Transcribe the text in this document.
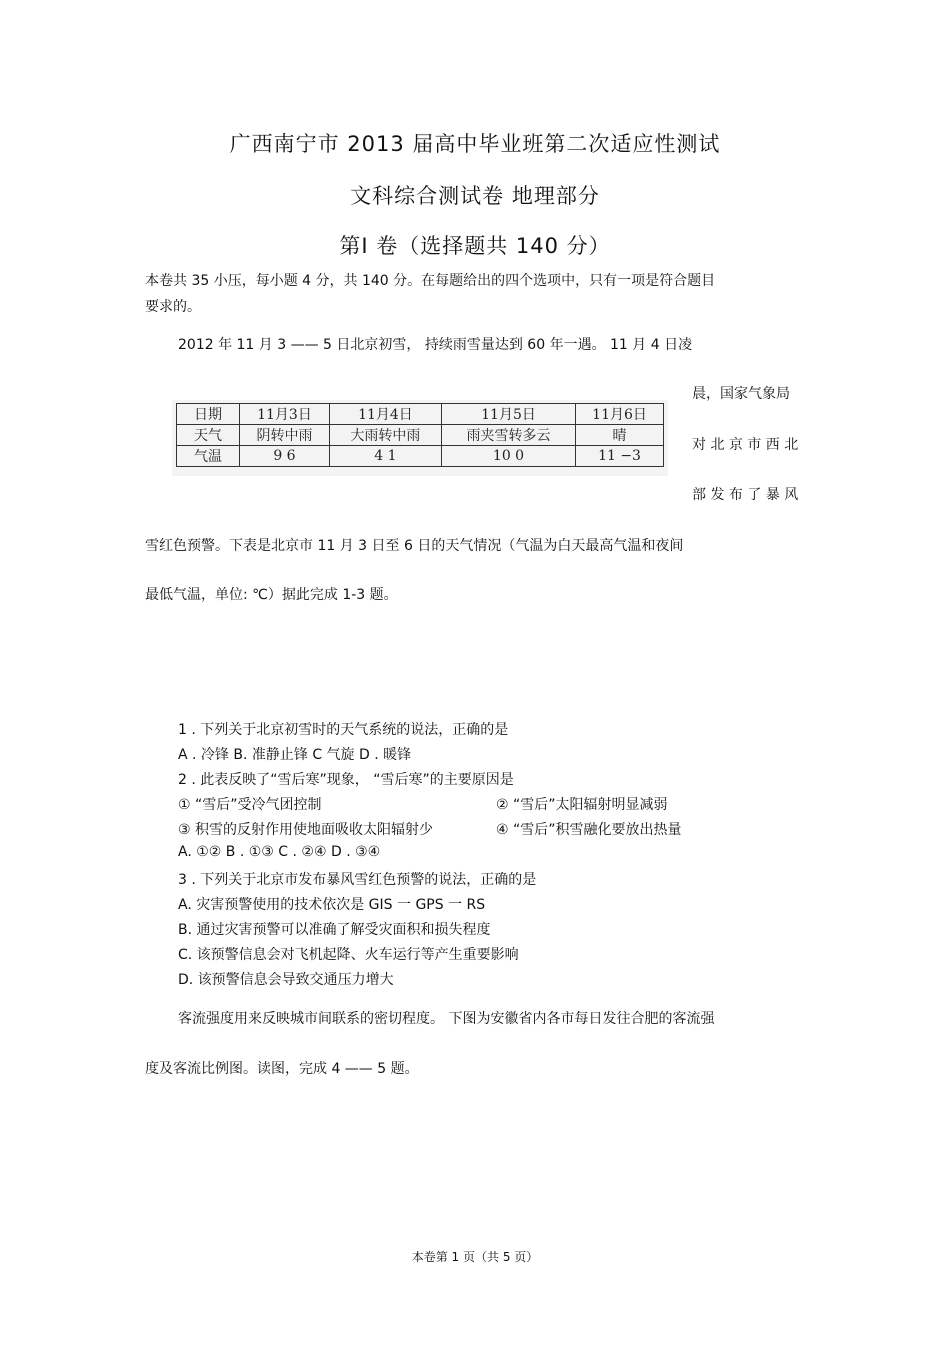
广西南宁市 2013 届高中毕业班第二次适应性测试
文科综合测试卷 地理部分
第Ⅰ 卷（选择题共 140 分）
本卷共 35 小压，每小题 4 分，共 140 分。在每题给出的四个选项中，只有一项是符合题目
要求的。
2012 年 11 月 3 —— 5 日北京初雪， 持续雨雪量达到 60 年一遇。 11 月 4 日凌
晨，国家气象局
对 北 京 市 西 北
部 发 布 了 暴 风
日期	11月3日	11月4日	11月5日	11月6日
天气	阴转中雨	大雨转中雨	雨夹雪转多云	晴
气温	9 6	4 1	10 0	11 −3
雪红色预警。下表是北京市 11 月 3 日至 6 日的天气情况（气温为白天最高气温和夜间
最低气温，单位: ℃）据此完成 1-3 题。
1 . 下列关于北京初雪时的天气系统的说法，正确的是
A . 冷锋 B. 准静止锋 C 气旋 D . 暖锋
2 . 此表反映了“雪后寒”现象， “雪后寒”的主要原因是
① “雪后”受冷气团控制	② “雪后”太阳辐射明显减弱
③ 积雪的反射作用使地面吸收太阳辐射少	④ “雪后”积雪融化要放出热量
A. ①② B . ①③ C . ②④ D . ③④
3 . 下列关于北京市发布暴风雪红色预警的说法，正确的是
A. 灾害预警使用的技术依次是 GIS 一 GPS 一 RS
B. 通过灾害预警可以准确了解受灾面积和损失程度
C. 该预警信息会对飞机起降、火车运行等产生重要影响
D. 该预警信息会导致交通压力增大
客流强度用来反映城市间联系的密切程度。 下图为安徽省内各市每日发往合肥的客流强
度及客流比例图。读图，完成 4 —— 5 题。
本卷第 1 页（共 5 页）
